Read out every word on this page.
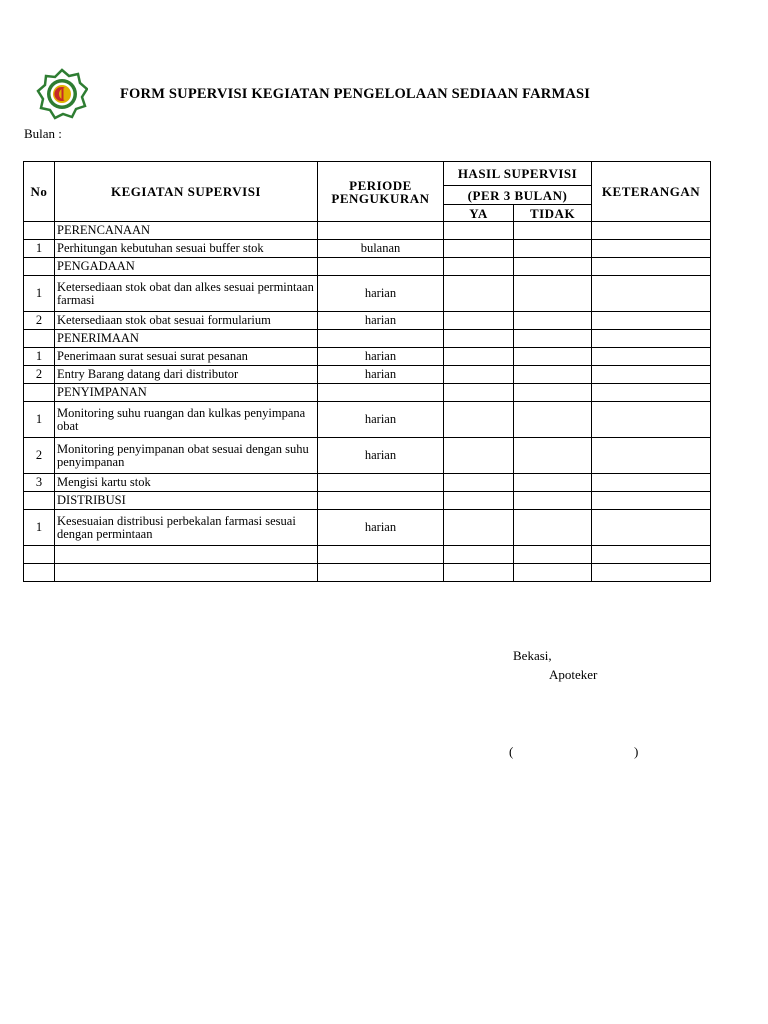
FORM SUPERVISI KEGIATAN PENGELOLAAN SEDIAAN FARMASI
Bulan :
No	KEGIATAN SUPERVISI	PERIODE PENGUKURAN	HASIL SUPERVISI		KETERANGAN
			(PER 3 BULAN)		
			YA	TIDAK	
	PERENCANAAN				
1	Perhitungan kebutuhan sesuai buffer stok	bulanan			
	PENGADAAN				
1	Ketersediaan stok obat dan alkes sesuai permintaan farmasi	harian			
2	Ketersediaan stok obat sesuai formularium	harian			
	PENERIMAAN				
1	Penerimaan surat sesuai surat pesanan	harian			
2	Entry Barang datang dari distributor	harian			
	PENYIMPANAN				
1	Monitoring suhu ruangan dan kulkas penyimpana obat	harian			
2	Monitoring penyimpanan obat sesuai dengan suhu penyimpanan	harian			
3	Mengisi kartu stok				
	DISTRIBUSI				
1	Kesesuaian distribusi perbekalan farmasi sesuai dengan permintaan	harian			

Bekasi,
Apoteker
(	)
